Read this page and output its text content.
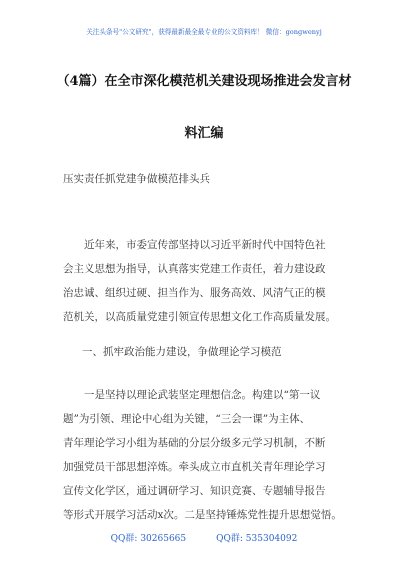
关注头条号"公文研究"，获得最新最全最专业的公文资料库！ 微信：gongwenyj
（4篇）在全市深化模范机关建设现场推进会发言材
料汇编
压实责任抓党建争做模范排头兵
近年来，市委宣传部坚持以习近平新时代中国特色社
会主义思想为指导，认真落实党建工作责任，着力建设政
治忠诚、组织过硬、担当作为、服务高效、风清气正的模
范机关，以高质量党建引领宣传思想文化工作高质量发展。
一、抓牢政治能力建设，争做理论学习模范
一是坚持以理论武装坚定理想信念。构建以“第一议
题”为引领、理论中心组为关键，“三会一课”为主体、
青年理论学习小组为基础的分层分级多元学习机制，不断
加强党员干部思想淬炼。牵头成立市直机关青年理论学习
宣传文化学区，通过调研学习、知识竞赛、专题辅导报告
等形式开展学习活动x次。二是坚持锤炼党性提升思想觉悟。
QQ群: 30265665	QQ群: 535304092
